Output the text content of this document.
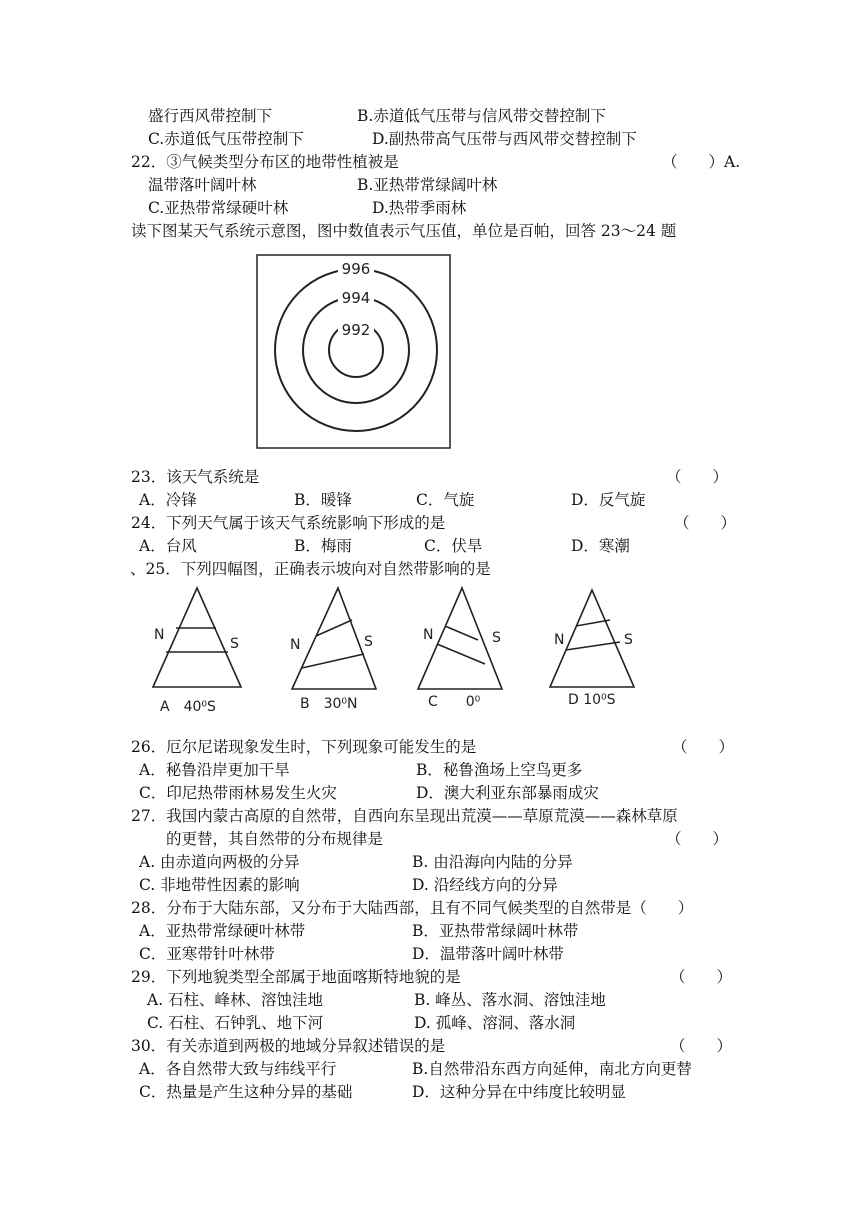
盛行西风带控制下	B.赤道低气压带与信风带交替控制下
C.赤道低气压带控制下	D.副热带高气压带与西风带交替控制下
22．③气候类型分布区的地带性植被是	（　　）A.
温带落叶阔叶林	B.亚热带常绿阔叶林
C.亚热带常绿硬叶林	D.热带季雨林
读下图某天气系统示意图，图中数值表示气压值，单位是百帕，回答 23～24 题
996
994
992
23．该天气系统是	（　　）
A．冷锋	B．暖锋	C．气旋	D．反气旋
24．下列天气属于该天气系统影响下形成的是	（　　）
A．台风	B．梅雨	C．伏旱	D．寒潮
、25．下列四幅图，正确表示坡向对自然带影响的是
N
S
A　40⁰S
N	S
B　30⁰N
N	S
C　　0⁰
N	S
D 10⁰S
26．厄尔尼诺现象发生时，下列现象可能发生的是	（　　）
A．秘鲁沿岸更加干旱	B．秘鲁渔场上空鸟更多
C．印尼热带雨林易发生火灾	D．澳大利亚东部暴雨成灾
27．我国内蒙古高原的自然带，自西向东呈现出荒漠——草原荒漠——森林草原
的更替，其自然带的分布规律是	（　　）
A. 由赤道向两极的分异	B. 由沿海向内陆的分异
C. 非地带性因素的影响	D. 沿经线方向的分异
28．分布于大陆东部，又分布于大陆西部，且有不同气候类型的自然带是（　　）
A．亚热带常绿硬叶林带	B．亚热带常绿阔叶林带
C．亚寒带针叶林带	D．温带落叶阔叶林带
29．下列地貌类型全部属于地面喀斯特地貌的是	（　　）
A. 石柱、峰林、溶蚀洼地	B. 峰丛、落水洞、溶蚀洼地
C. 石柱、石钟乳、地下河	D. 孤峰、溶洞、落水洞
30．有关赤道到两极的地域分异叙述错误的是	（　　）
A．各自然带大致与纬线平行	B.自然带沿东西方向延伸，南北方向更替
C．热量是产生这种分异的基础	D．这种分异在中纬度比较明显
